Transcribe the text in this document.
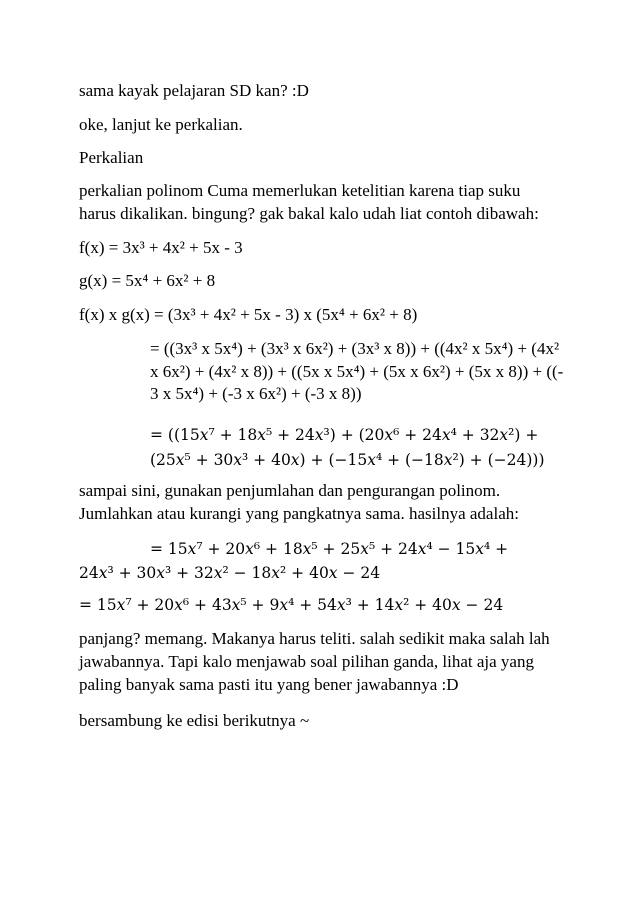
sama kayak pelajaran SD kan? :D
oke, lanjut ke perkalian.
Perkalian
perkalian polinom Cuma memerlukan ketelitian karena tiap suku
harus dikalikan. bingung? gak bakal kalo udah liat contoh dibawah:
f(x) = 3x³ + 4x² + 5x - 3
g(x) = 5x⁴ + 6x² + 8
f(x) x g(x) = (3x³ + 4x² + 5x - 3) x (5x⁴ + 6x² + 8)
= ((3x³ x 5x⁴) + (3x³ x 6x²) + (3x³ x 8)) + ((4x² x 5x⁴) + (4x²
x 6x²) + (4x² x 8)) + ((5x x 5x⁴) + (5x x 6x²) + (5x x 8)) + ((-
3 x 5x⁴) + (-3 x 6x²) + (-3 x 8))
= ((15𝑥⁷ + 18𝑥⁵ + 24𝑥³) + (20𝑥⁶ + 24𝑥⁴ + 32𝑥²) +
(25𝑥⁵ + 30𝑥³ + 40𝑥) + (−15𝑥⁴ + (−18𝑥²) + (−24)))
sampai sini, gunakan penjumlahan dan pengurangan polinom.
Jumlahkan atau kurangi yang pangkatnya sama. hasilnya adalah:
= 15𝑥⁷ + 20𝑥⁶ + 18𝑥⁵ + 25𝑥⁵ + 24𝑥⁴ − 15𝑥⁴ +
24𝑥³ + 30𝑥³ + 32𝑥² − 18𝑥² + 40𝑥 − 24
= 15𝑥⁷ + 20𝑥⁶ + 43𝑥⁵ + 9𝑥⁴ + 54𝑥³ + 14𝑥² + 40𝑥 − 24
panjang? memang. Makanya harus teliti. salah sedikit maka salah lah
jawabannya. Tapi kalo menjawab soal pilihan ganda, lihat aja yang
paling banyak sama pasti itu yang bener jawabannya :D
bersambung ke edisi berikutnya ~
